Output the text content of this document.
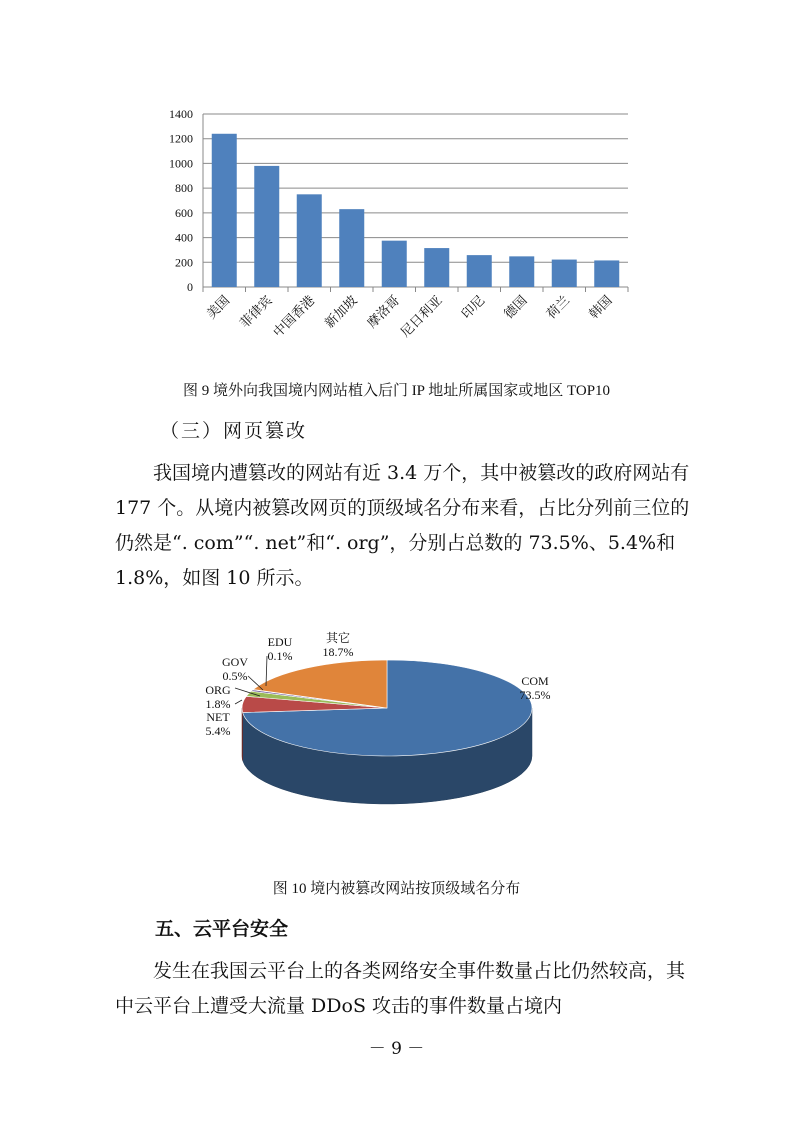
0
200
400
600
800
1000
1200
1400
美国 菲律宾
中国香港 新加坡 摩洛哥
尼日利亚 印尼 德国 荷兰 韩国
图 9 境外向我国境内网站植入后门 IP 地址所属国家或地区 TOP10
（三）网页篡改

我国境内遭篡改的网站有近 3.4 万个，其中被篡改的政府网站有 177 个。从境内被篡改网页的顶级域名分布来看，占比分列前三位的仍然是“. com”“. net”和“. org”，分别占总数的 73.5%、5.4%和 1.8%，如图 10 所示。

COM
73.5%
NET
5.4%
ORG
1.8%
GOV
0.5%
EDU
0.1%
其它
18.7%
图 10 境内被篡改网站按顶级域名分布
五、云平台安全

发生在我国云平台上的各类网络安全事件数量占比仍然较高，其中云平台上遭受大流量 DDoS 攻击的事件数量占境内

－ 9 －
